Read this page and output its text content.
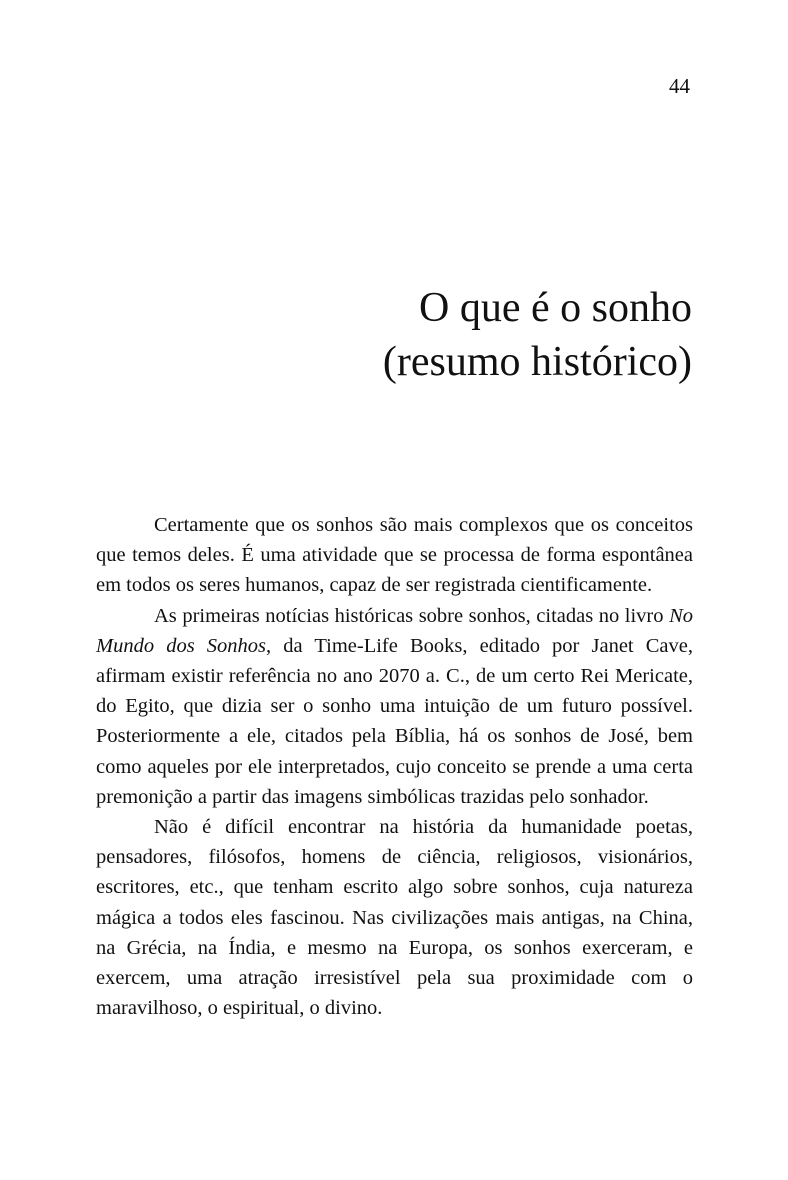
44
O que é o sonho
(resumo histórico)

Certamente que os sonhos são mais complexos que os conceitos que temos deles. É uma atividade que se processa de forma espontânea em todos os seres humanos, capaz de ser registrada cientificamente.

As primeiras notícias históricas sobre sonhos, citadas no livro No Mundo dos Sonhos, da Time-Life Books, editado por Janet Cave, afirmam existir referência no ano 2070 a. C., de um certo Rei Mericate, do Egito, que dizia ser o sonho uma intuição de um futuro possível. Posteriormente a ele, citados pela Bíblia, há os sonhos de José, bem como aqueles por ele interpretados, cujo conceito se prende a uma certa premonição a partir das imagens simbólicas trazidas pelo sonhador.

Não é difícil encontrar na história da humanidade poetas, pensadores, filósofos, homens de ciência, religiosos, visionários, escritores, etc., que tenham escrito algo sobre sonhos, cuja natureza mágica a todos eles fascinou. Nas civilizações mais antigas, na China, na Grécia, na Índia, e mesmo na Europa, os sonhos exerceram, e exercem, uma atração irresistível pela sua proximidade com o maravilhoso, o espiritual, o divino.
